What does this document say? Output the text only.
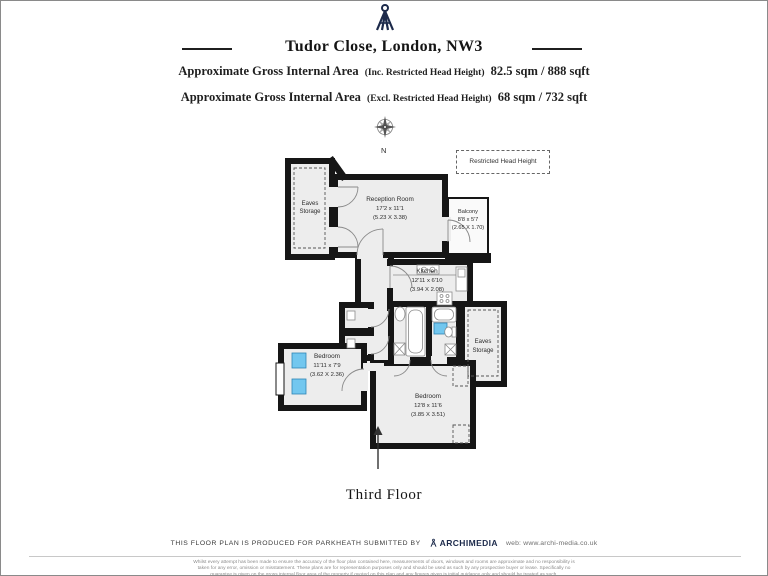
Tudor Close, London, NW3
Approximate Gross Internal Area (Inc. Restricted Head Height) 82.5 sqm / 888 sqft
Approximate Gross Internal Area (Excl. Restricted Head Height) 68 sqm / 732 sqft
N
Restricted Head Height
Eaves
Storage
Reception Room
17'2 x 11'1
(5.23 X 3.38)
Balcony
8'8 x 5'7
(2.65 X 1.70)
Kitchen
12'11 x 6'10
(3.94 X 2.08)
Bedroom
11'11 x 7'9
(3.62 X 2.36)
Bedroom
12'8 x 11'6
(3.85 X 3.51)
Eaves
Storage
Third Floor
THIS FLOOR PLAN IS PRODUCED FOR PARKHEATH SUBMITTED BY ARCHIMEDIA web: www.archi-media.co.uk
Whilst every attempt has been made to ensure the accuracy of the floor plan contained here, measurements of doors, windows and rooms are approximate and no responsibility is
taken for any error, omission or misstatement. These plans are for representation purposes only and should be used as such by any prospective buyer or lease. Specifically no
guarantee is given on the gross internal floor area of the property if quoted on this plan and any figures given is initial guidance only and should be treated as such.
